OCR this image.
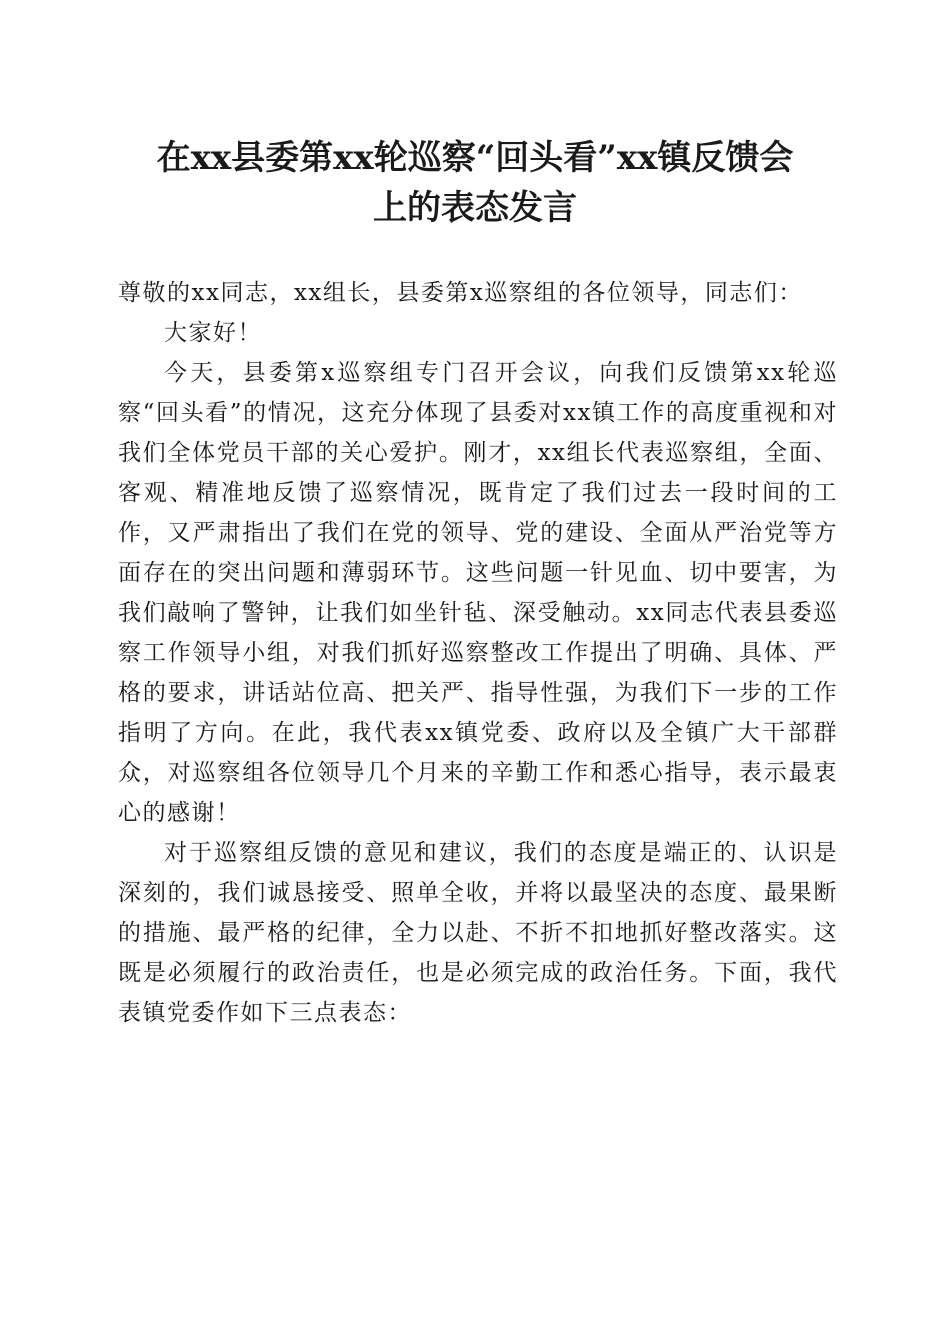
在xx县委第xx轮巡察“回头看”xx镇反馈会
上的表态发言

尊敬的xx同志，xx组长，县委第x巡察组的各位领导，同志们：

大家好！

今天，县委第x巡察组专门召开会议，向我们反馈第xx轮巡察“回头看”的情况，这充分体现了县委对xx镇工作的高度重视和对我们全体党员干部的关心爱护。刚才，xx组长代表巡察组，全面、客观、精准地反馈了巡察情况，既肯定了我们过去一段时间的工作，又严肃指出了我们在党的领导、党的建设、全面从严治党等方面存在的突出问题和薄弱环节。这些问题一针见血、切中要害，为我们敲响了警钟，让我们如坐针毡、深受触动。xx同志代表县委巡察工作领导小组，对我们抓好巡察整改工作提出了明确、具体、严格的要求，讲话站位高、把关严、指导性强，为我们下一步的工作指明了方向。在此，我代表xx镇党委、政府以及全镇广大干部群众，对巡察组各位领导几个月来的辛勤工作和悉心指导，表示最衷心的感谢！

对于巡察组反馈的意见和建议，我们的态度是端正的、认识是深刻的，我们诚恳接受、照单全收，并将以最坚决的态度、最果断的措施、最严格的纪律，全力以赴、不折不扣地抓好整改落实。这既是必须履行的政治责任，也是必须完成的政治任务。下面，我代表镇党委作如下三点表态：
